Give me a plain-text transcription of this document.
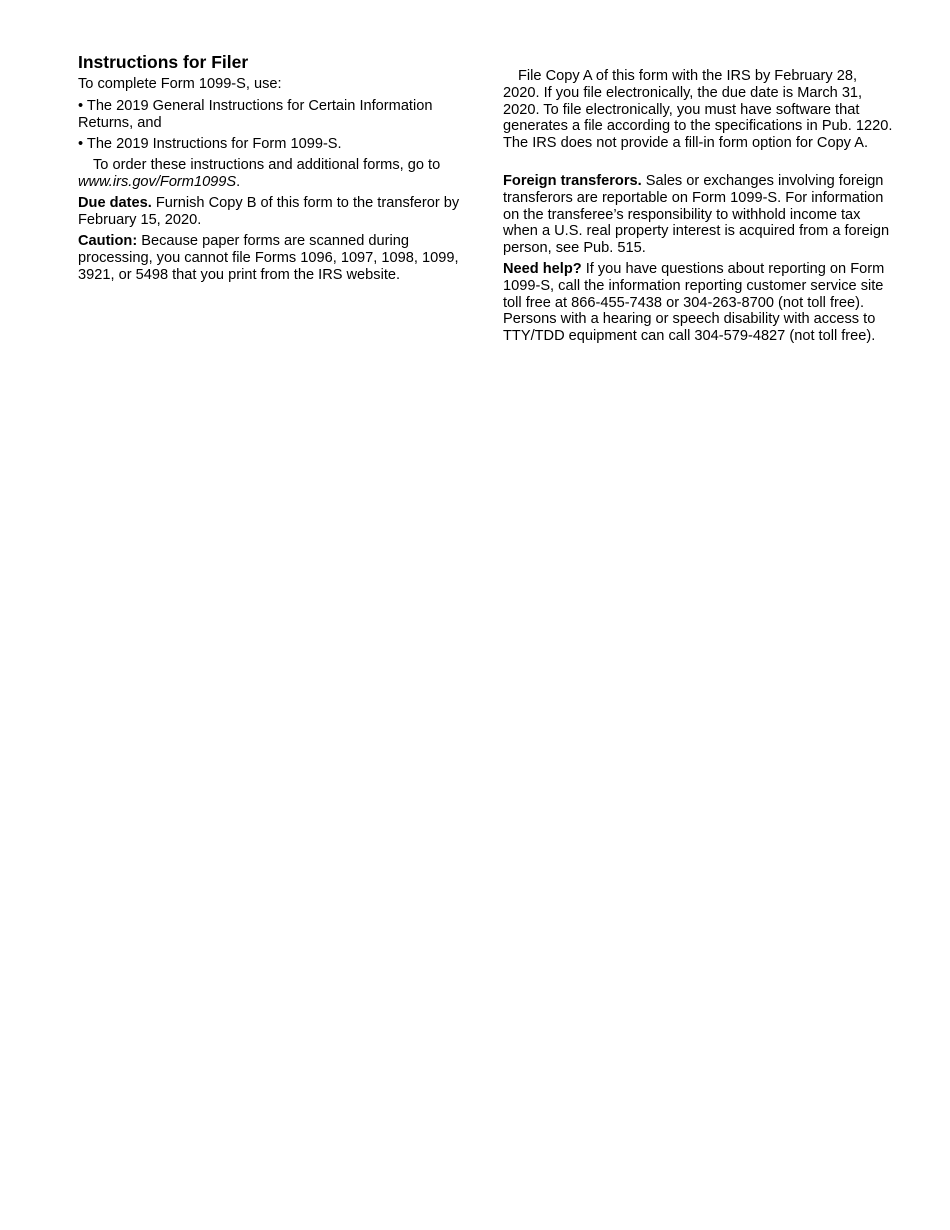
Instructions for Filer

To complete Form 1099-S, use:

• The 2019 General Instructions for Certain Information Returns, and

• The 2019 Instructions for Form 1099-S.

To order these instructions and additional forms, go to www.irs.gov/Form1099S.

Due dates. Furnish Copy B of this form to the transferor by February 15, 2020.

Caution: Because paper forms are scanned during processing, you cannot file Forms 1096, 1097, 1098, 1099, 3921, or 5498 that you print from the IRS website.

File Copy A of this form with the IRS by February 28, 2020. If you file electronically, the due date is March 31, 2020. To file electronically, you must have software that generates a file according to the specifications in Pub. 1220. The IRS does not provide a fill-in form option for Copy A.

Foreign transferors. Sales or exchanges involving foreign transferors are reportable on Form 1099-S. For information on the transferee’s responsibility to withhold income tax when a U.S. real property interest is acquired from a foreign person, see Pub. 515.

Need help? If you have questions about reporting on Form 1099-S, call the information reporting customer service site toll free at 866-455-7438 or 304-263-8700 (not toll free). Persons with a hearing or speech disability with access to TTY/TDD equipment can call 304-579-4827 (not toll free).
